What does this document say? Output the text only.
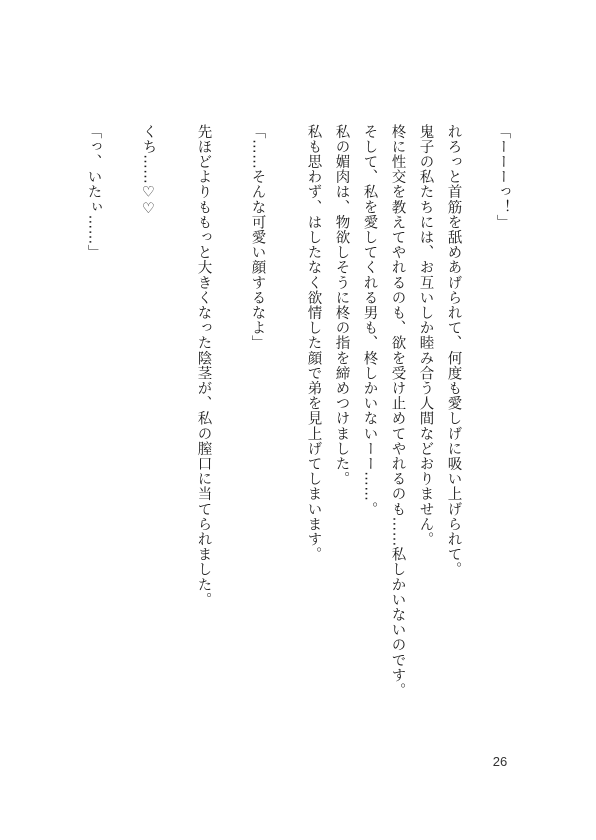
「ーーーっ！」
れろっと首筋を舐めあげられて、何度も愛しげに吸い上げられて。
鬼子の私たちには、お互いしか睦み合う人間などおりません。
柊に性交を教えてやれるのも、欲を受け止めてやれるのも……私しかいないのです。
そして、私を愛してくれる男も、柊しかいないーー……。
私の媚肉は、物欲しそうに柊の指を締めつけました。
私も思わず、はしたなく欲情した顔で弟を見上げてしまいます。
「……そんな可愛い顔するなよ」
先ほどよりももっと大きくなった陰茎が、私の膣口に当てられました。
くち……♡♡
「っ、いたぃ……」
26
